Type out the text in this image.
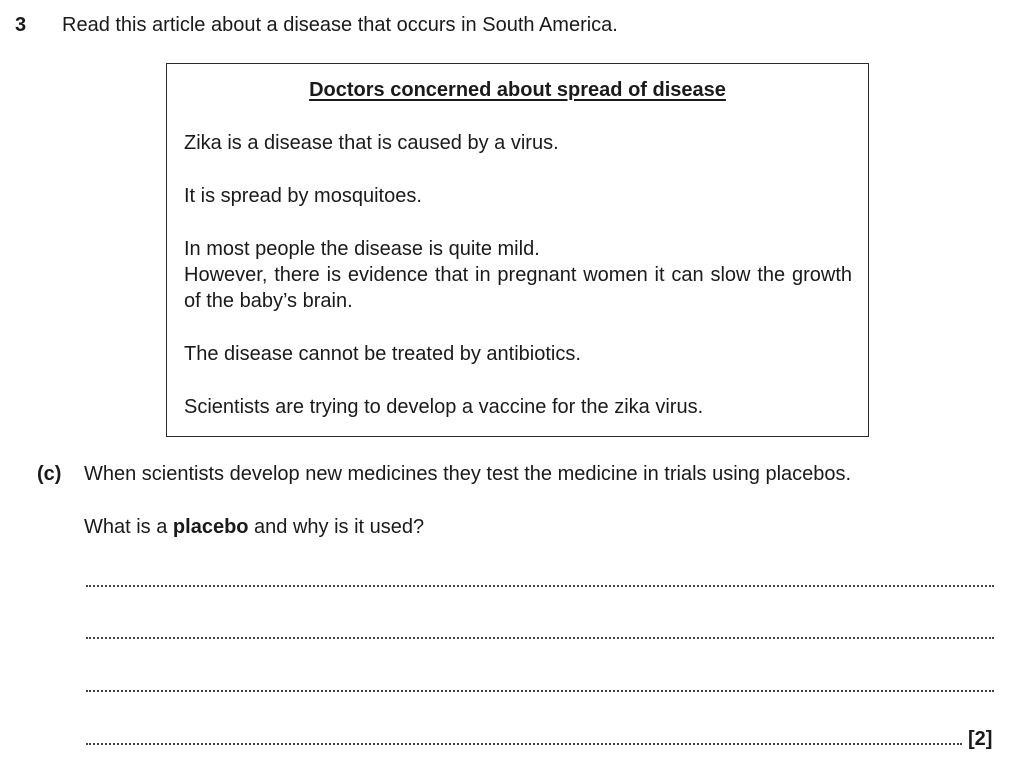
3 Read this article about a disease that occurs in South America.
Doctors concerned about spread of disease
Zika is a disease that is caused by a virus.
It is spread by mosquitoes.
In most people the disease is quite mild.
However, there is evidence that in pregnant women it can slow the growth of the baby’s brain.
The disease cannot be treated by antibiotics.
Scientists are trying to develop a vaccine for the zika virus.
(c) When scientists develop new medicines they test the medicine in trials using placebos.
What is a placebo and why is it used?
[2]
